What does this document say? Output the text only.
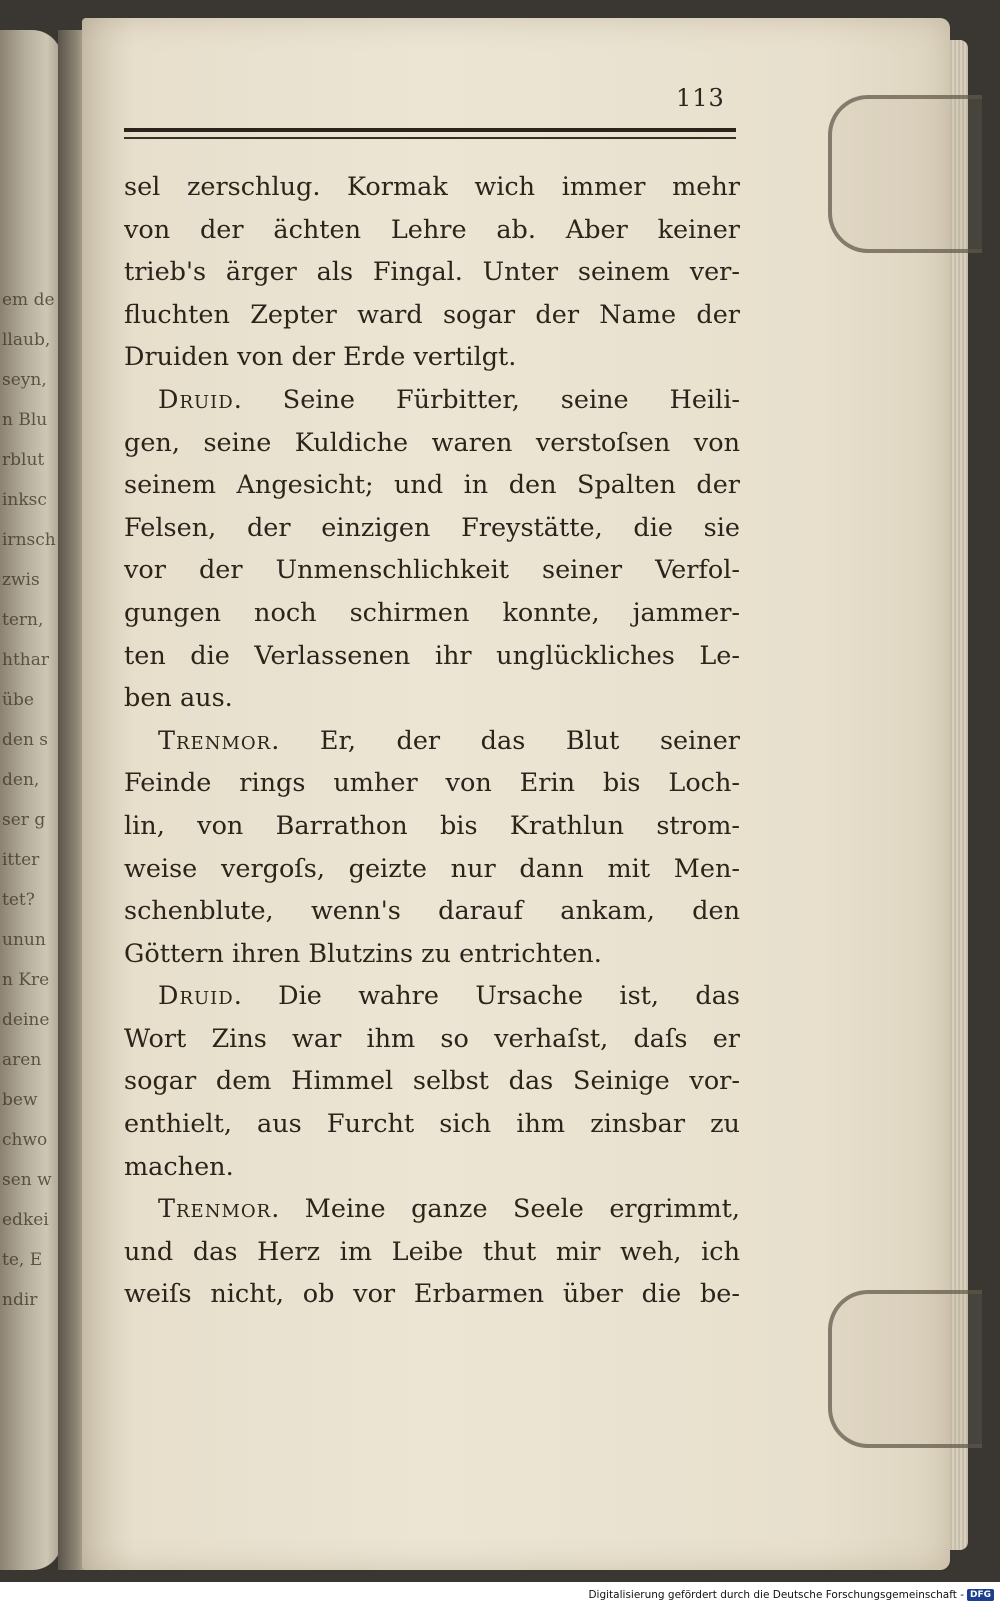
em de
llaub,
seyn,
n Blu
rblut
inksc
irnsch
zwis
tern,
hthar
übe
den s
den,
ser g
itter
tet?
unun
n Kre
deine
aren
bew
chwo
sen w
edkei
te, E
ndir
113
sel zerschlug. Kormak wich immer mehr
von der ächten Lehre ab. Aber keiner
trieb's ärger als Fingal. Unter seinem ver-
fluchten Zepter ward sogar der Name der
Druiden von der Erde vertilgt.
Druid. Seine Fürbitter, seine Heili-
gen, seine Kuldiche waren verstoſsen von
seinem Angesicht; und in den Spalten der
Felsen, der einzigen Freystätte, die sie
vor der Unmenschlichkeit seiner Verfol-
gungen noch schirmen konnte, jammer-
ten die Verlassenen ihr unglückliches Le-
ben aus.
Trenmor. Er, der das Blut seiner
Feinde rings umher von Erin bis Loch-
lin, von Barrathon bis Krathlun strom-
weise vergoſs, geizte nur dann mit Men-
schenblute, wenn's darauf ankam, den
Göttern ihren Blutzins zu entrichten.
Druid. Die wahre Ursache ist, das
Wort Zins war ihm so verhaſst, daſs er
sogar dem Himmel selbst das Seinige vor-
enthielt, aus Furcht sich ihm zinsbar zu
machen.
Trenmor. Meine ganze Seele ergrimmt,
und das Herz im Leibe thut mir weh, ich
weiſs nicht, ob vor Erbarmen über die be-
Digitalisierung gefördert durch die Deutsche Forschungsgemeinschaft - DFG
